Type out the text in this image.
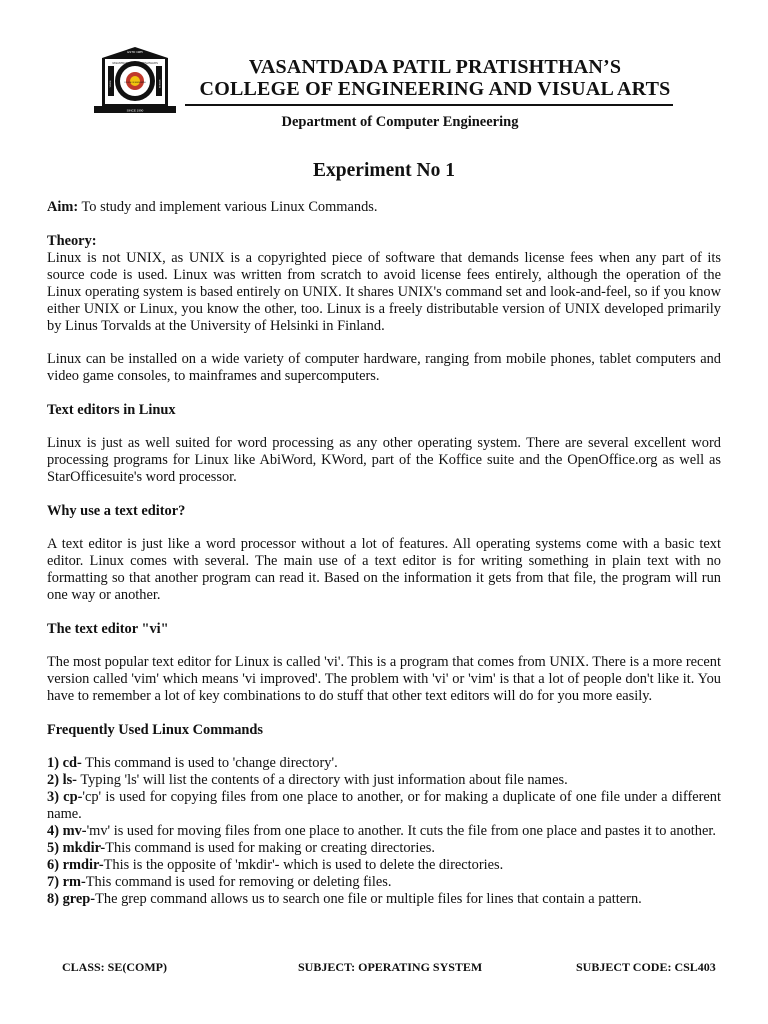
ESTD 1985
VASANTDADA PATIL PRATISHTHAN'S
VISION	MISSION
COLLEGE OF ENGINEERING
SINCE 1990
VASANTDADA PATIL PRATISHTHAN’S
COLLEGE OF ENGINEERING AND VISUAL ARTS
Department of Computer Engineering
Experiment No 1

Aim: To study and implement various Linux Commands.

Theory:

Linux is not UNIX, as UNIX is a copyrighted piece of software that demands license fees when any part of its source code is used. Linux was written from scratch to avoid license fees entirely, although the operation of the Linux operating system is based entirely on UNIX. It shares UNIX's command set and look-and-feel, so if you know either UNIX or Linux, you know the other, too. Linux is a freely distributable version of UNIX developed primarily by Linus Torvalds at the University of Helsinki in Finland.

Linux can be installed on a wide variety of computer hardware, ranging from mobile phones, tablet computers and video game consoles, to mainframes and supercomputers.

Text editors in Linux

Linux is just as well suited for word processing as any other operating system. There are several excellent word processing programs for Linux like AbiWord, KWord, part of the Koffice suite and the OpenOffice.org as well as StarOfficesuite's word processor.

Why use a text editor?

A text editor is just like a word processor without a lot of features. All operating systems come with a basic text editor. Linux comes with several. The main use of a text editor is for writing something in plain text with no formatting so that another program can read it. Based on the information it gets from that file, the program will run one way or another.

The text editor "vi"

The most popular text editor for Linux is called 'vi'. This is a program that comes from UNIX. There is a more recent version called 'vim' which means 'vi improved'. The problem with 'vi' or 'vim' is that a lot of people don't like it. You have to remember a lot of key combinations to do stuff that other text editors will do for you more easily.

Frequently Used Linux Commands

1) cd- This command is used to 'change directory'.

2) ls- Typing 'ls' will list the contents of a directory with just information about file names.

3) cp-'cp' is used for copying files from one place to another, or for making a duplicate of one file under a different name.

4) mv-'mv' is used for moving files from one place to another. It cuts the file from one place and pastes it to another.

5) mkdir-This command is used for making or creating directories.

6) rmdir-This is the opposite of 'mkdir'- which is used to delete the directories.

7) rm-This command is used for removing or deleting files.

8) grep-The grep command allows us to search one file or multiple files for lines that contain a pattern.

CLASS: SE(COMP)	SUBJECT: OPERATING SYSTEM	SUBJECT CODE: CSL403
